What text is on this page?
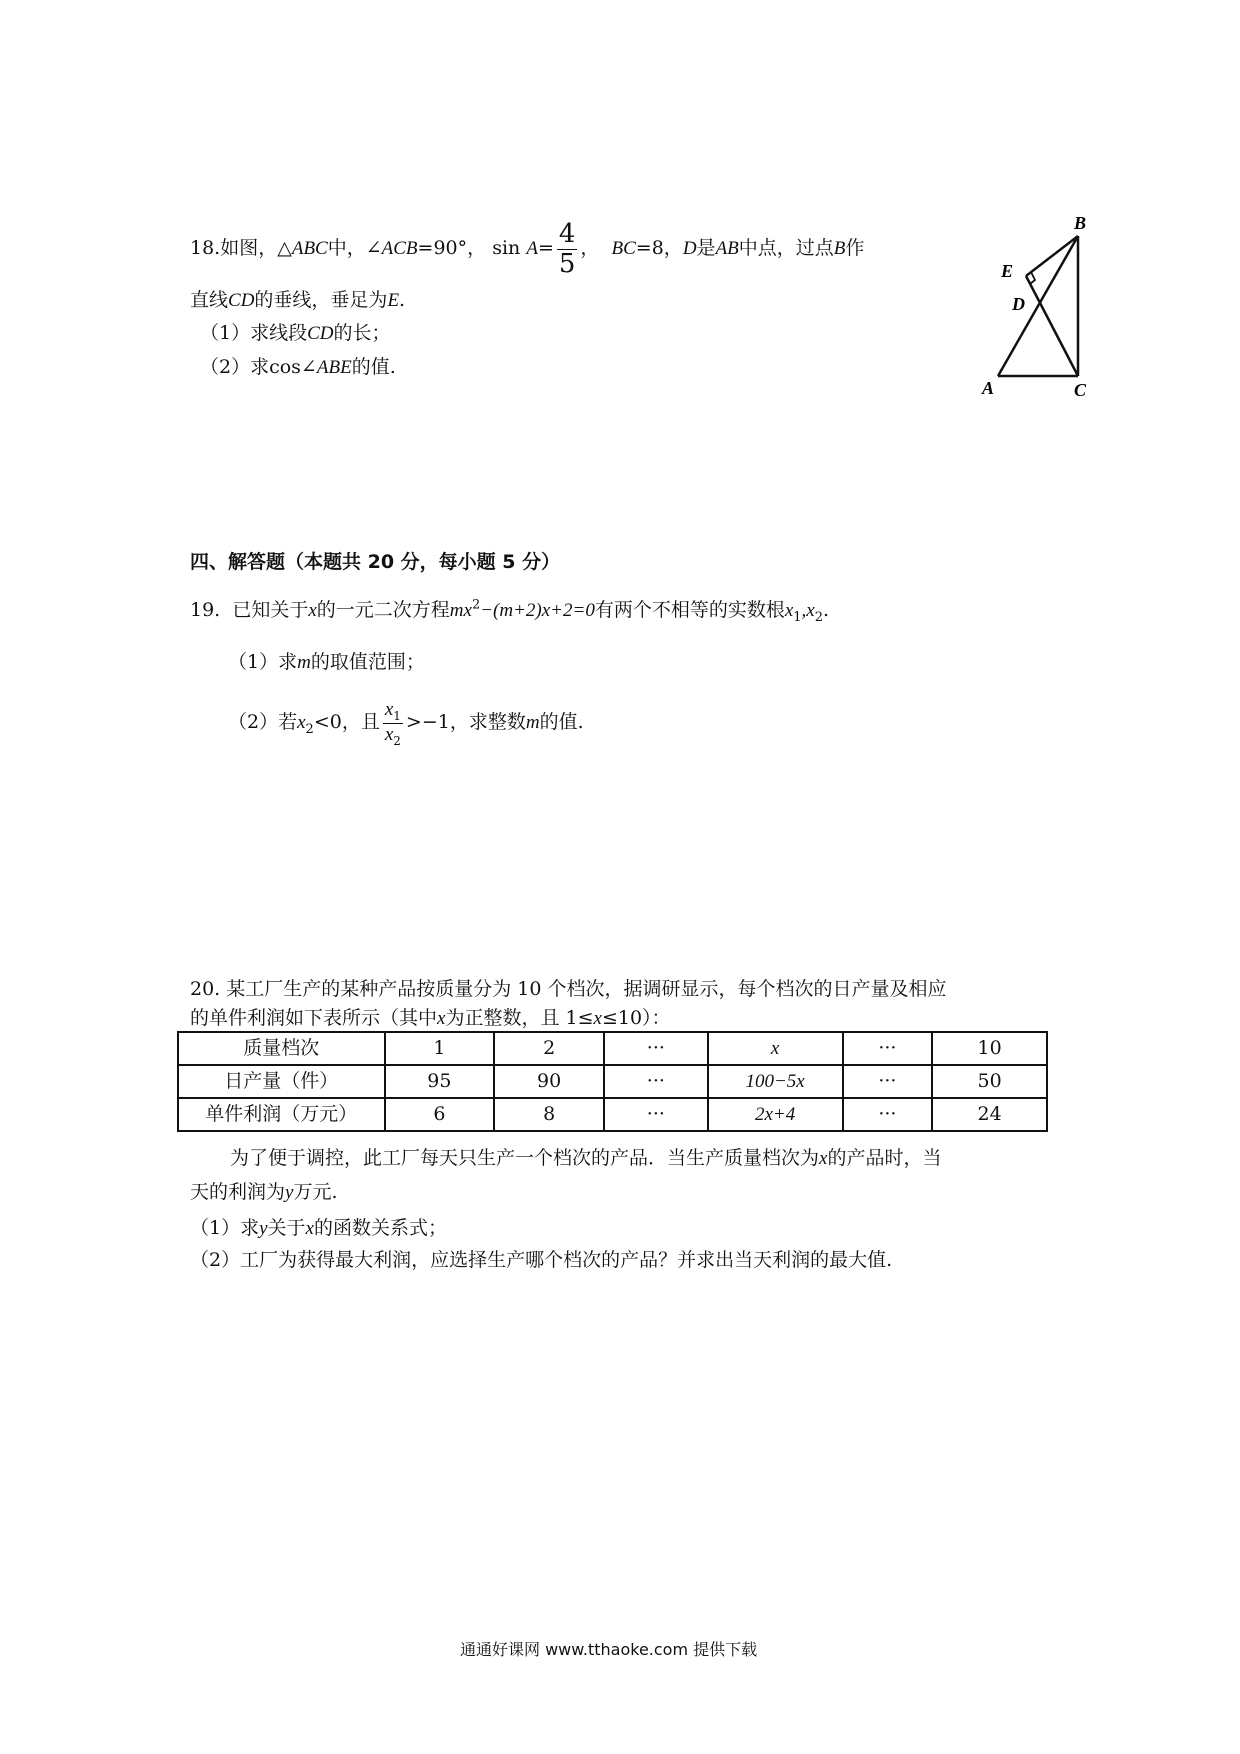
18.如图，△ABC中，∠ACB=90°， $\sin A= \frac{4}{5}$ ， BC=8，D是AB中点，过点B作
直线CD的垂线，垂足为E.
（1）求线段CD的长；
（2）求cos∠ABE的值.
B
E
D
A	C
四、解答题（本题共 20 分，每小题 5 分）
19. 已知关于x的一元二次方程$mx^2-(m+2)x+2=0$有两个不相等的实数根$x_1,x_2$.
（1）求m的取值范围；
（2）若$x_2<0$，且 $\frac{x_1}{x_2} >-1$，求整数m的值.
20. 某工厂生产的某种产品按质量分为 10 个档次，据调研显示，每个档次的日产量及相应
的单件利润如下表所示（其中x为正整数，且 1≤x≤10）：
质量档次	1	2	···	x	···	10
日产量（件）	95	90	···	100−5x	···	50
单件利润（万元）	6	8	···	2x+4	···	24
为了便于调控，此工厂每天只生产一个档次的产品．当生产质量档次为x的产品时，当
天的利润为y万元.
（1）求y关于x的函数关系式；
（2）工厂为获得最大利润，应选择生产哪个档次的产品？并求出当天利润的最大值.
通通好课网 www.tthaoke.com 提供下载
